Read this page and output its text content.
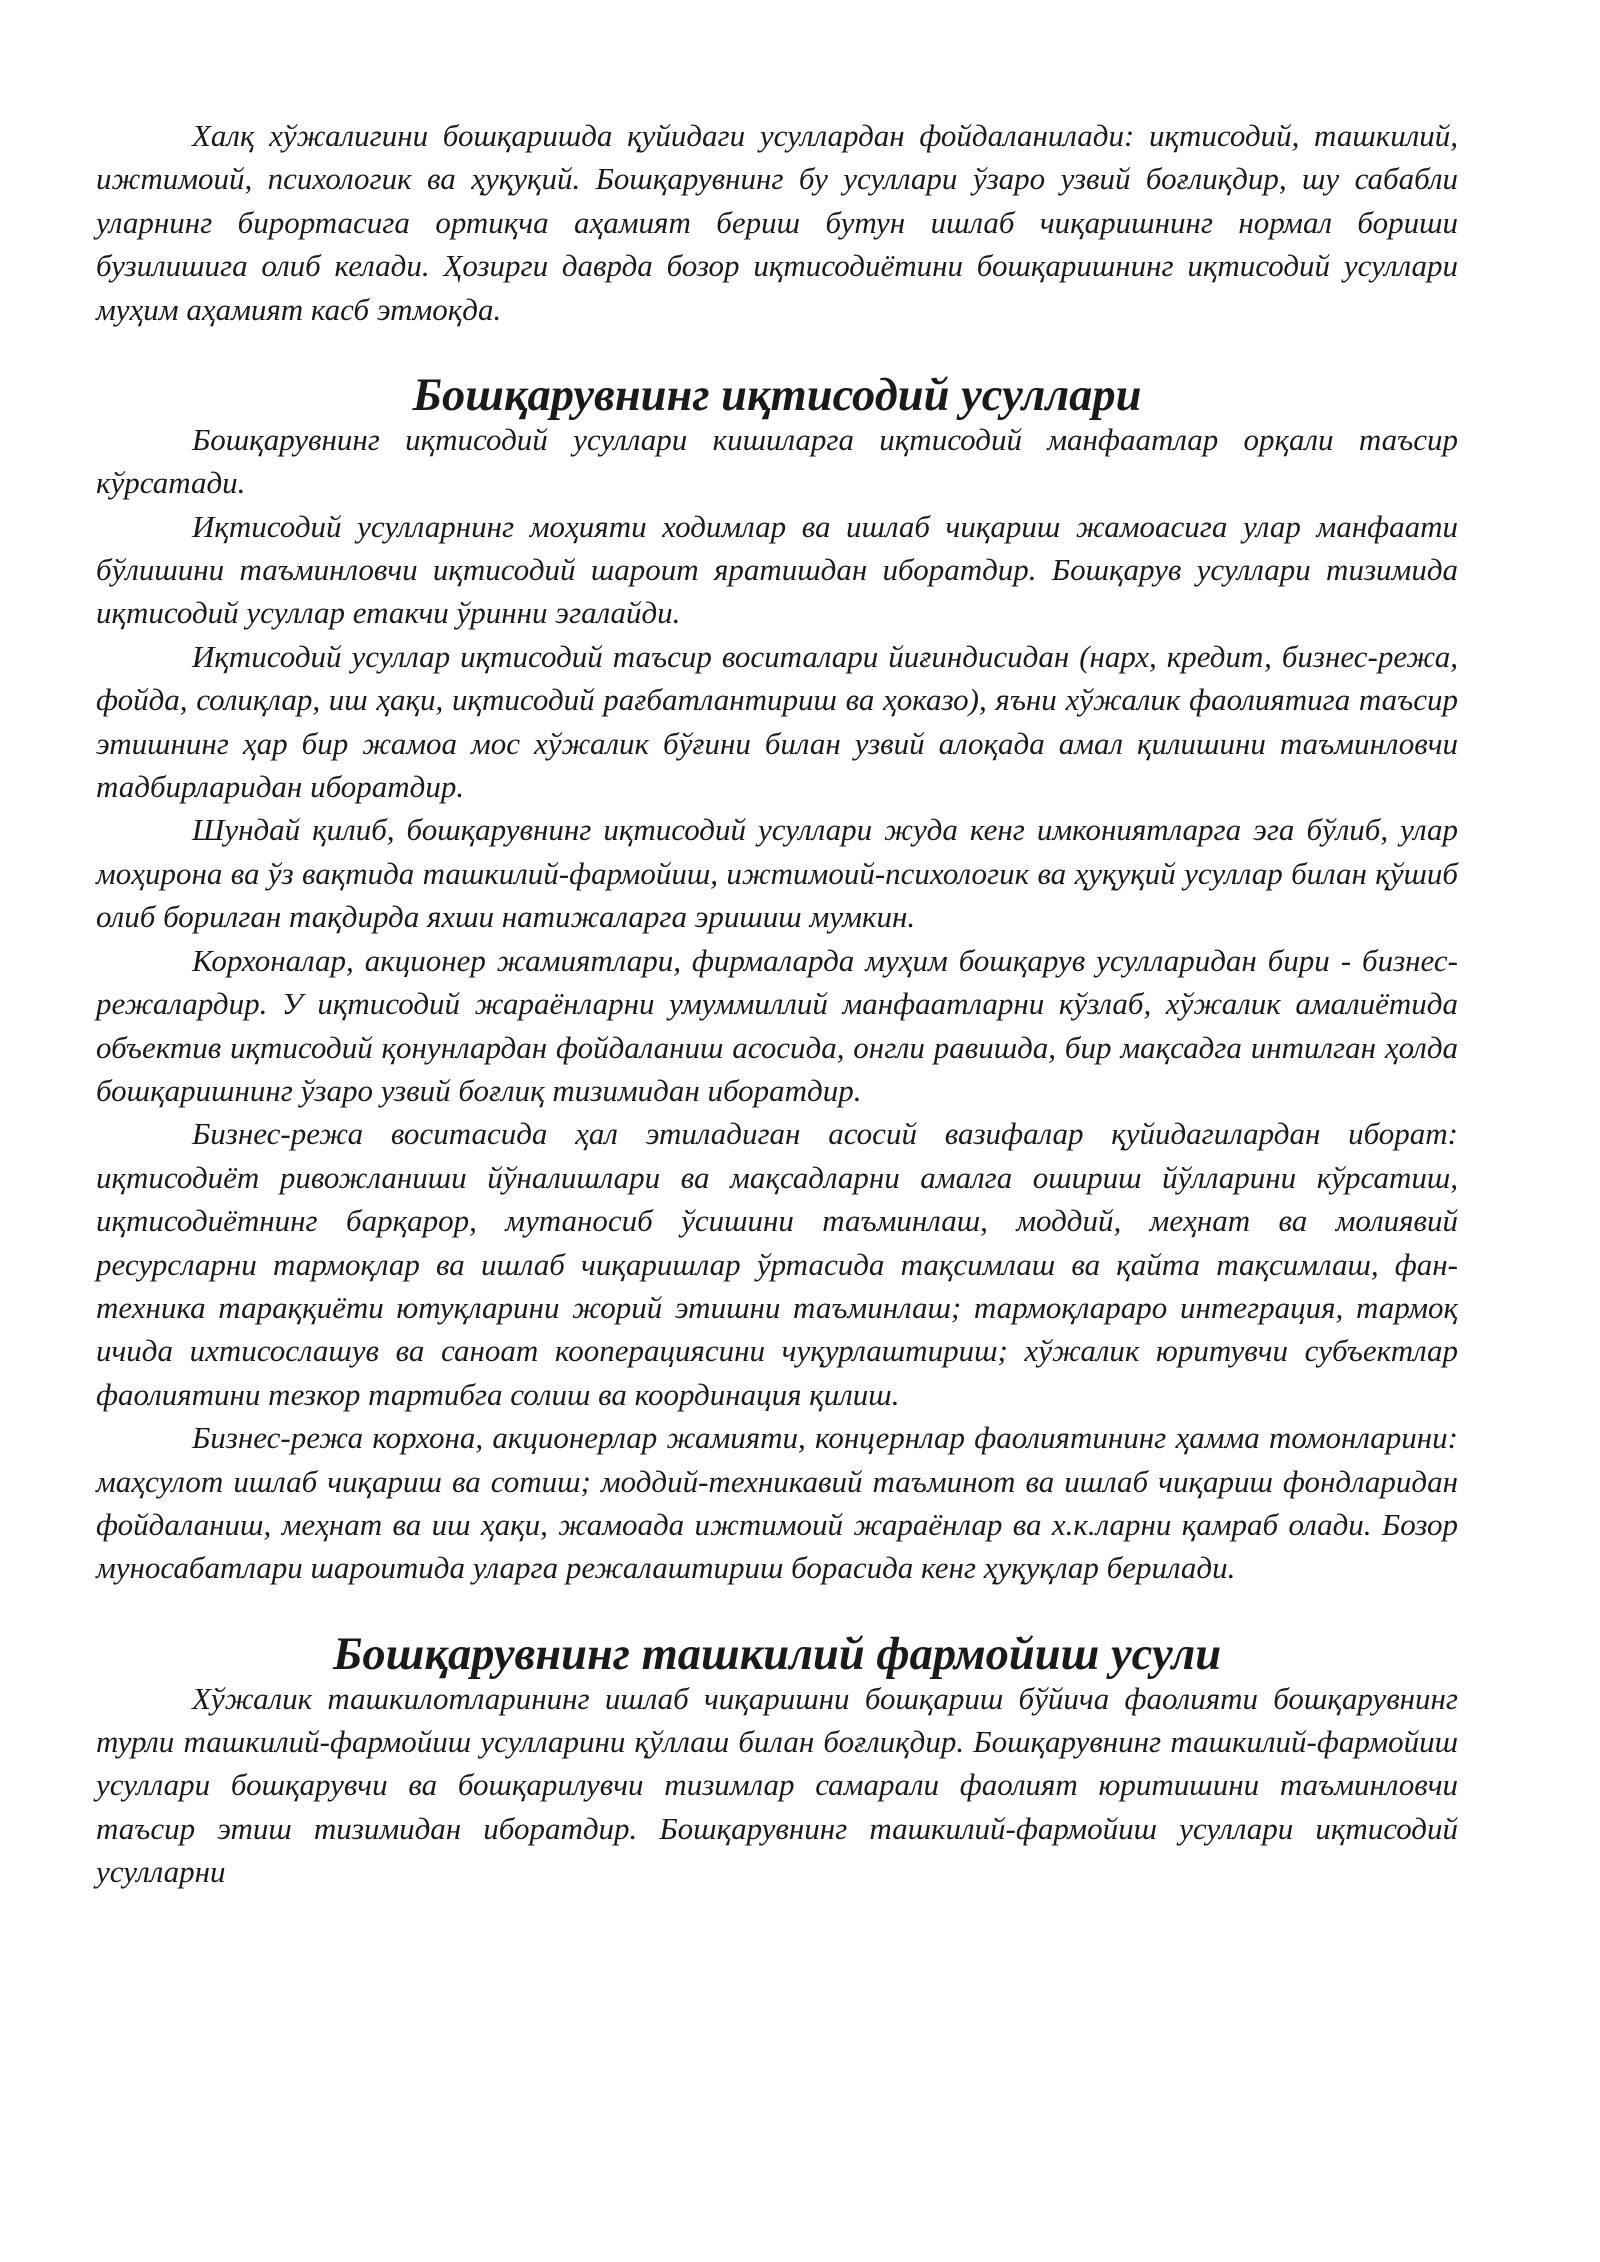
Халқ хўжалигини бошқаришда қуйидаги усуллардан фойдаланилади: иқтисодий, ташкилий, ижтимоий, психологик ва ҳуқуқий. Бошқарувнинг бу усуллари ўзаро узвий боғлиқдир, шу сабабли уларнинг бирортасига ортиқча аҳамият бериш бутун ишлаб чиқаришнинг нормал бориши бузилишига олиб келади. Ҳозирги даврда бозор иқтисодиётини бошқаришнинг иқтисодий усуллари муҳим аҳамият касб этмоқда.

Бошқарувнинг иқтисодий усуллари

Бошқарувнинг иқтисодий усуллари кишиларга иқтисодий манфаатлар орқали таъсир кўрсатади.

Иқтисодий усулларнинг моҳияти ходимлар ва ишлаб чиқариш жамоасига улар манфаати бўлишини таъминловчи иқтисодий шароит яратишдан иборатдир. Бошқарув усуллари тизимида иқтисодий усуллар етакчи ўринни эгалайди.

Иқтисодий усуллар иқтисодий таъсир воситалари йиғиндисидан (нарх, кредит, бизнес-режа, фойда, солиқлар, иш ҳақи, иқтисодий рағбатлантириш ва ҳоказо), яъни хўжалик фаолиятига таъсир этишнинг ҳар бир жамоа мос хўжалик бўғини билан узвий алоқада амал қилишини таъминловчи тадбирларидан иборатдир.

Шундай қилиб, бошқарувнинг иқтисодий усуллари жуда кенг имкониятларга эга бўлиб, улар моҳирона ва ўз вақтида ташкилий-фармойиш, ижтимоий-психологик ва ҳуқуқий усуллар билан қўшиб олиб борилган тақдирда яхши натижаларга эришиш мумкин.

Корхоналар, акционер жамиятлари, фирмаларда муҳим бошқарув усулларидан бири - бизнес-режалардир. У иқтисодий жараёнларни умуммиллий манфаатларни кўзлаб, хўжалик амалиётида объектив иқтисодий қонунлардан фойдаланиш асосида, онгли равишда, бир мақсадга интилган ҳолда бошқаришнинг ўзаро узвий боғлиқ тизимидан иборатдир.

Бизнес-режа воситасида ҳал этиладиган асосий вазифалар қуйидагилардан иборат: иқтисодиёт ривожланиши йўналишлари ва мақсадларни амалга ошириш йўлларини кўрсатиш, иқтисодиётнинг барқарор, мутаносиб ўсишини таъминлаш, моддий, меҳнат ва молиявий ресурсларни тармоқлар ва ишлаб чиқаришлар ўртасида тақсимлаш ва қайта тақсимлаш, фан-техника тараққиёти ютуқларини жорий этишни таъминлаш; тармоқлараро интеграция, тармоқ ичида ихтисослашув ва саноат кооперациясини чуқурлаштириш; хўжалик юритувчи субъектлар фаолиятини тезкор тартибга солиш ва координация қилиш.

Бизнес-режа корхона, акционерлар жамияти, концернлар фаолиятининг ҳамма томонларини: маҳсулот ишлаб чиқариш ва сотиш; моддий-техникавий таъминот ва ишлаб чиқариш фондларидан фойдаланиш, меҳнат ва иш ҳақи, жамоада ижтимоий жараёнлар ва х.к.ларни қамраб олади. Бозор муносабатлари шароитида уларга режалаштириш борасида кенг ҳуқуқлар берилади.

Бошқарувнинг ташкилий фармойиш усули

Хўжалик ташкилотларининг ишлаб чиқаришни бошқариш бўйича фаолияти бошқарувнинг турли ташкилий-фармойиш усулларини қўллаш билан боғлиқдир. Бошқарувнинг ташкилий-фармойиш усуллари бошқарувчи ва бошқарилувчи тизимлар самарали фаолият юритишини таъминловчи таъсир этиш тизимидан иборатдир. Бошқарувнинг ташкилий-фармойиш усуллари иқтисодий усулларни
